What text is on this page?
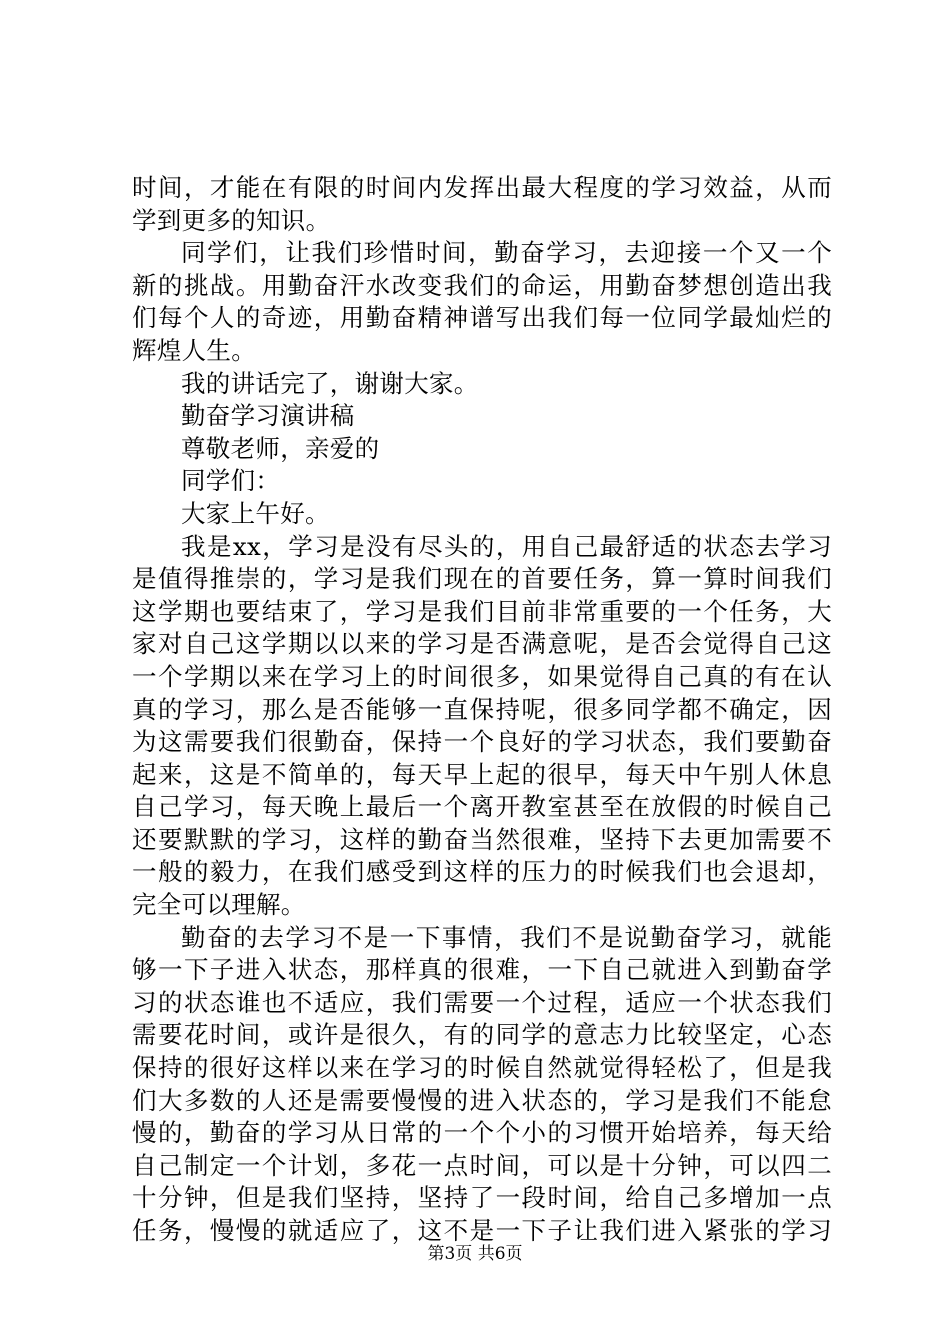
时间，才能在有限的时间内发挥出最大程度的学习效益，从而
学到更多的知识。
同学们，让我们珍惜时间，勤奋学习，去迎接一个又一个
新的挑战。用勤奋汗水改变我们的命运，用勤奋梦想创造出我
们每个人的奇迹，用勤奋精神谱写出我们每一位同学最灿烂的
辉煌人生。
我的讲话完了，谢谢大家。
勤奋学习演讲稿
尊敬老师，亲爱的
同学们：
大家上午好。
我是xx，学习是没有尽头的，用自己最舒适的状态去学习
是值得推崇的，学习是我们现在的首要任务，算一算时间我们
这学期也要结束了，学习是我们目前非常重要的一个任务，大
家对自己这学期以以来的学习是否满意呢，是否会觉得自己这
一个学期以来在学习上的时间很多，如果觉得自己真的有在认
真的学习，那么是否能够一直保持呢，很多同学都不确定，因
为这需要我们很勤奋，保持一个良好的学习状态，我们要勤奋
起来，这是不简单的，每天早上起的很早，每天中午别人休息
自己学习，每天晚上最后一个离开教室甚至在放假的时候自己
还要默默的学习，这样的勤奋当然很难，坚持下去更加需要不
一般的毅力，在我们感受到这样的压力的时候我们也会退却，
完全可以理解。
勤奋的去学习不是一下事情，我们不是说勤奋学习，就能
够一下子进入状态，那样真的很难，一下自己就进入到勤奋学
习的状态谁也不适应，我们需要一个过程，适应一个状态我们
需要花时间，或许是很久，有的同学的意志力比较坚定，心态
保持的很好这样以来在学习的时候自然就觉得轻松了，但是我
们大多数的人还是需要慢慢的进入状态的，学习是我们不能怠
慢的，勤奋的学习从日常的一个个小的习惯开始培养，每天给
自己制定一个计划，多花一点时间，可以是十分钟，可以四二
十分钟，但是我们坚持，坚持了一段时间，给自己多增加一点
任务，慢慢的就适应了，这不是一下子让我们进入紧张的学习
第3页 共6页
